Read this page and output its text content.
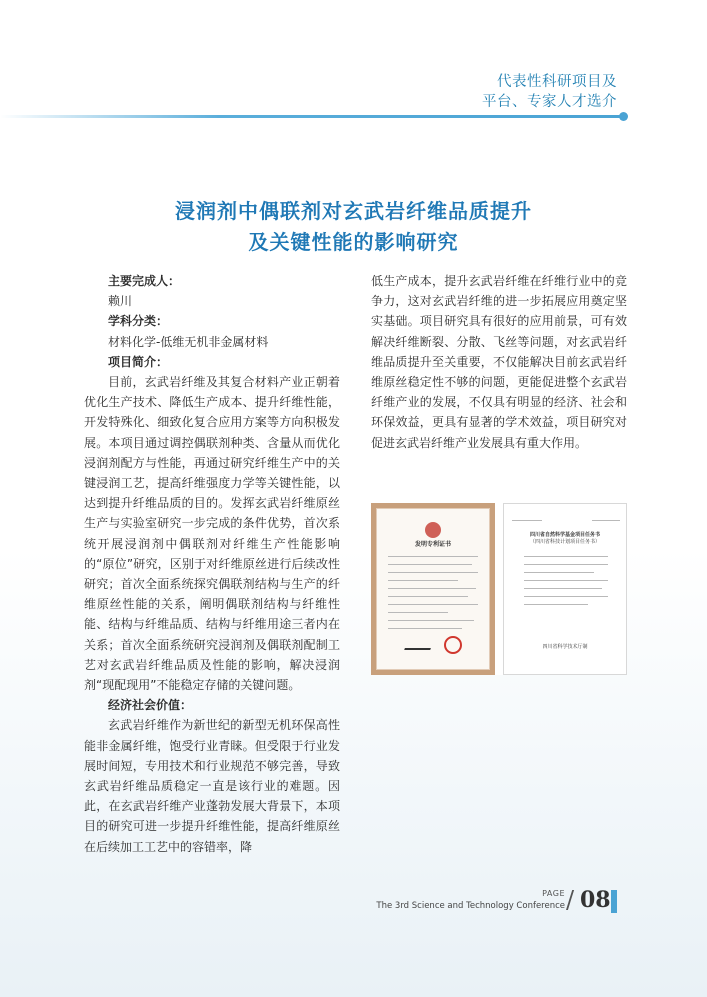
代表性科研项目及
平台、专家人才选介
浸润剂中偶联剂对玄武岩纤维品质提升
及关键性能的影响研究
主要完成人：
赖川
学科分类：
材料化学-低维无机非金属材料
项目简介：
目前，玄武岩纤维及其复合材料产业正朝着优化生产技术、降低生产成本、提升纤维性能，开发特殊化、细致化复合应用方案等方向积极发展。本项目通过调控偶联剂种类、含量从而优化浸润剂配方与性能，再通过研究纤维生产中的关键浸润工艺，提高纤维强度力学等关键性能，以达到提升纤维品质的目的。发挥玄武岩纤维原丝生产与实验室研究一步完成的条件优势，首次系统开展浸润剂中偶联剂对纤维生产性能影响的“原位”研究，区别于对纤维原丝进行后续改性研究；首次全面系统探究偶联剂结构与生产的纤维原丝性能的关系，阐明偶联剂结构与纤维性能、结构与纤维品质、结构与纤维用途三者内在关系；首次全面系统研究浸润剂及偶联剂配制工艺对玄武岩纤维品质及性能的影响，解决浸润剂“现配现用”不能稳定存储的关键问题。
经济社会价值：
玄武岩纤维作为新世纪的新型无机环保高性能非金属纤维，饱受行业青睐。但受限于行业发展时间短，专用技术和行业规范不够完善，导致玄武岩纤维品质稳定一直是该行业的难题。因此，在玄武岩纤维产业蓬勃发展大背景下，本项目的研究可进一步提升纤维性能，提高纤维原丝在后续加工工艺中的容错率，降
低生产成本，提升玄武岩纤维在纤维行业中的竞争力，这对玄武岩纤维的进一步拓展应用奠定坚实基础。项目研究具有很好的应用前景，可有效解决纤维断裂、分散、飞丝等问题，对玄武岩纤维品质提升至关重要，不仅能解决目前玄武岩纤维原丝稳定性不够的问题，更能促进整个玄武岩纤维产业的发展，不仅具有明显的经济、社会和环保效益，更具有显著的学术效益，项目研究对促进玄武岩纤维产业发展具有重大作用。
发明专利证书
四川省自然科学基金项目任务书
（四川省科技计划项目任务书）
四川省科学技术厅制
PAGE
The 3rd Science and Technology Conference / 08
